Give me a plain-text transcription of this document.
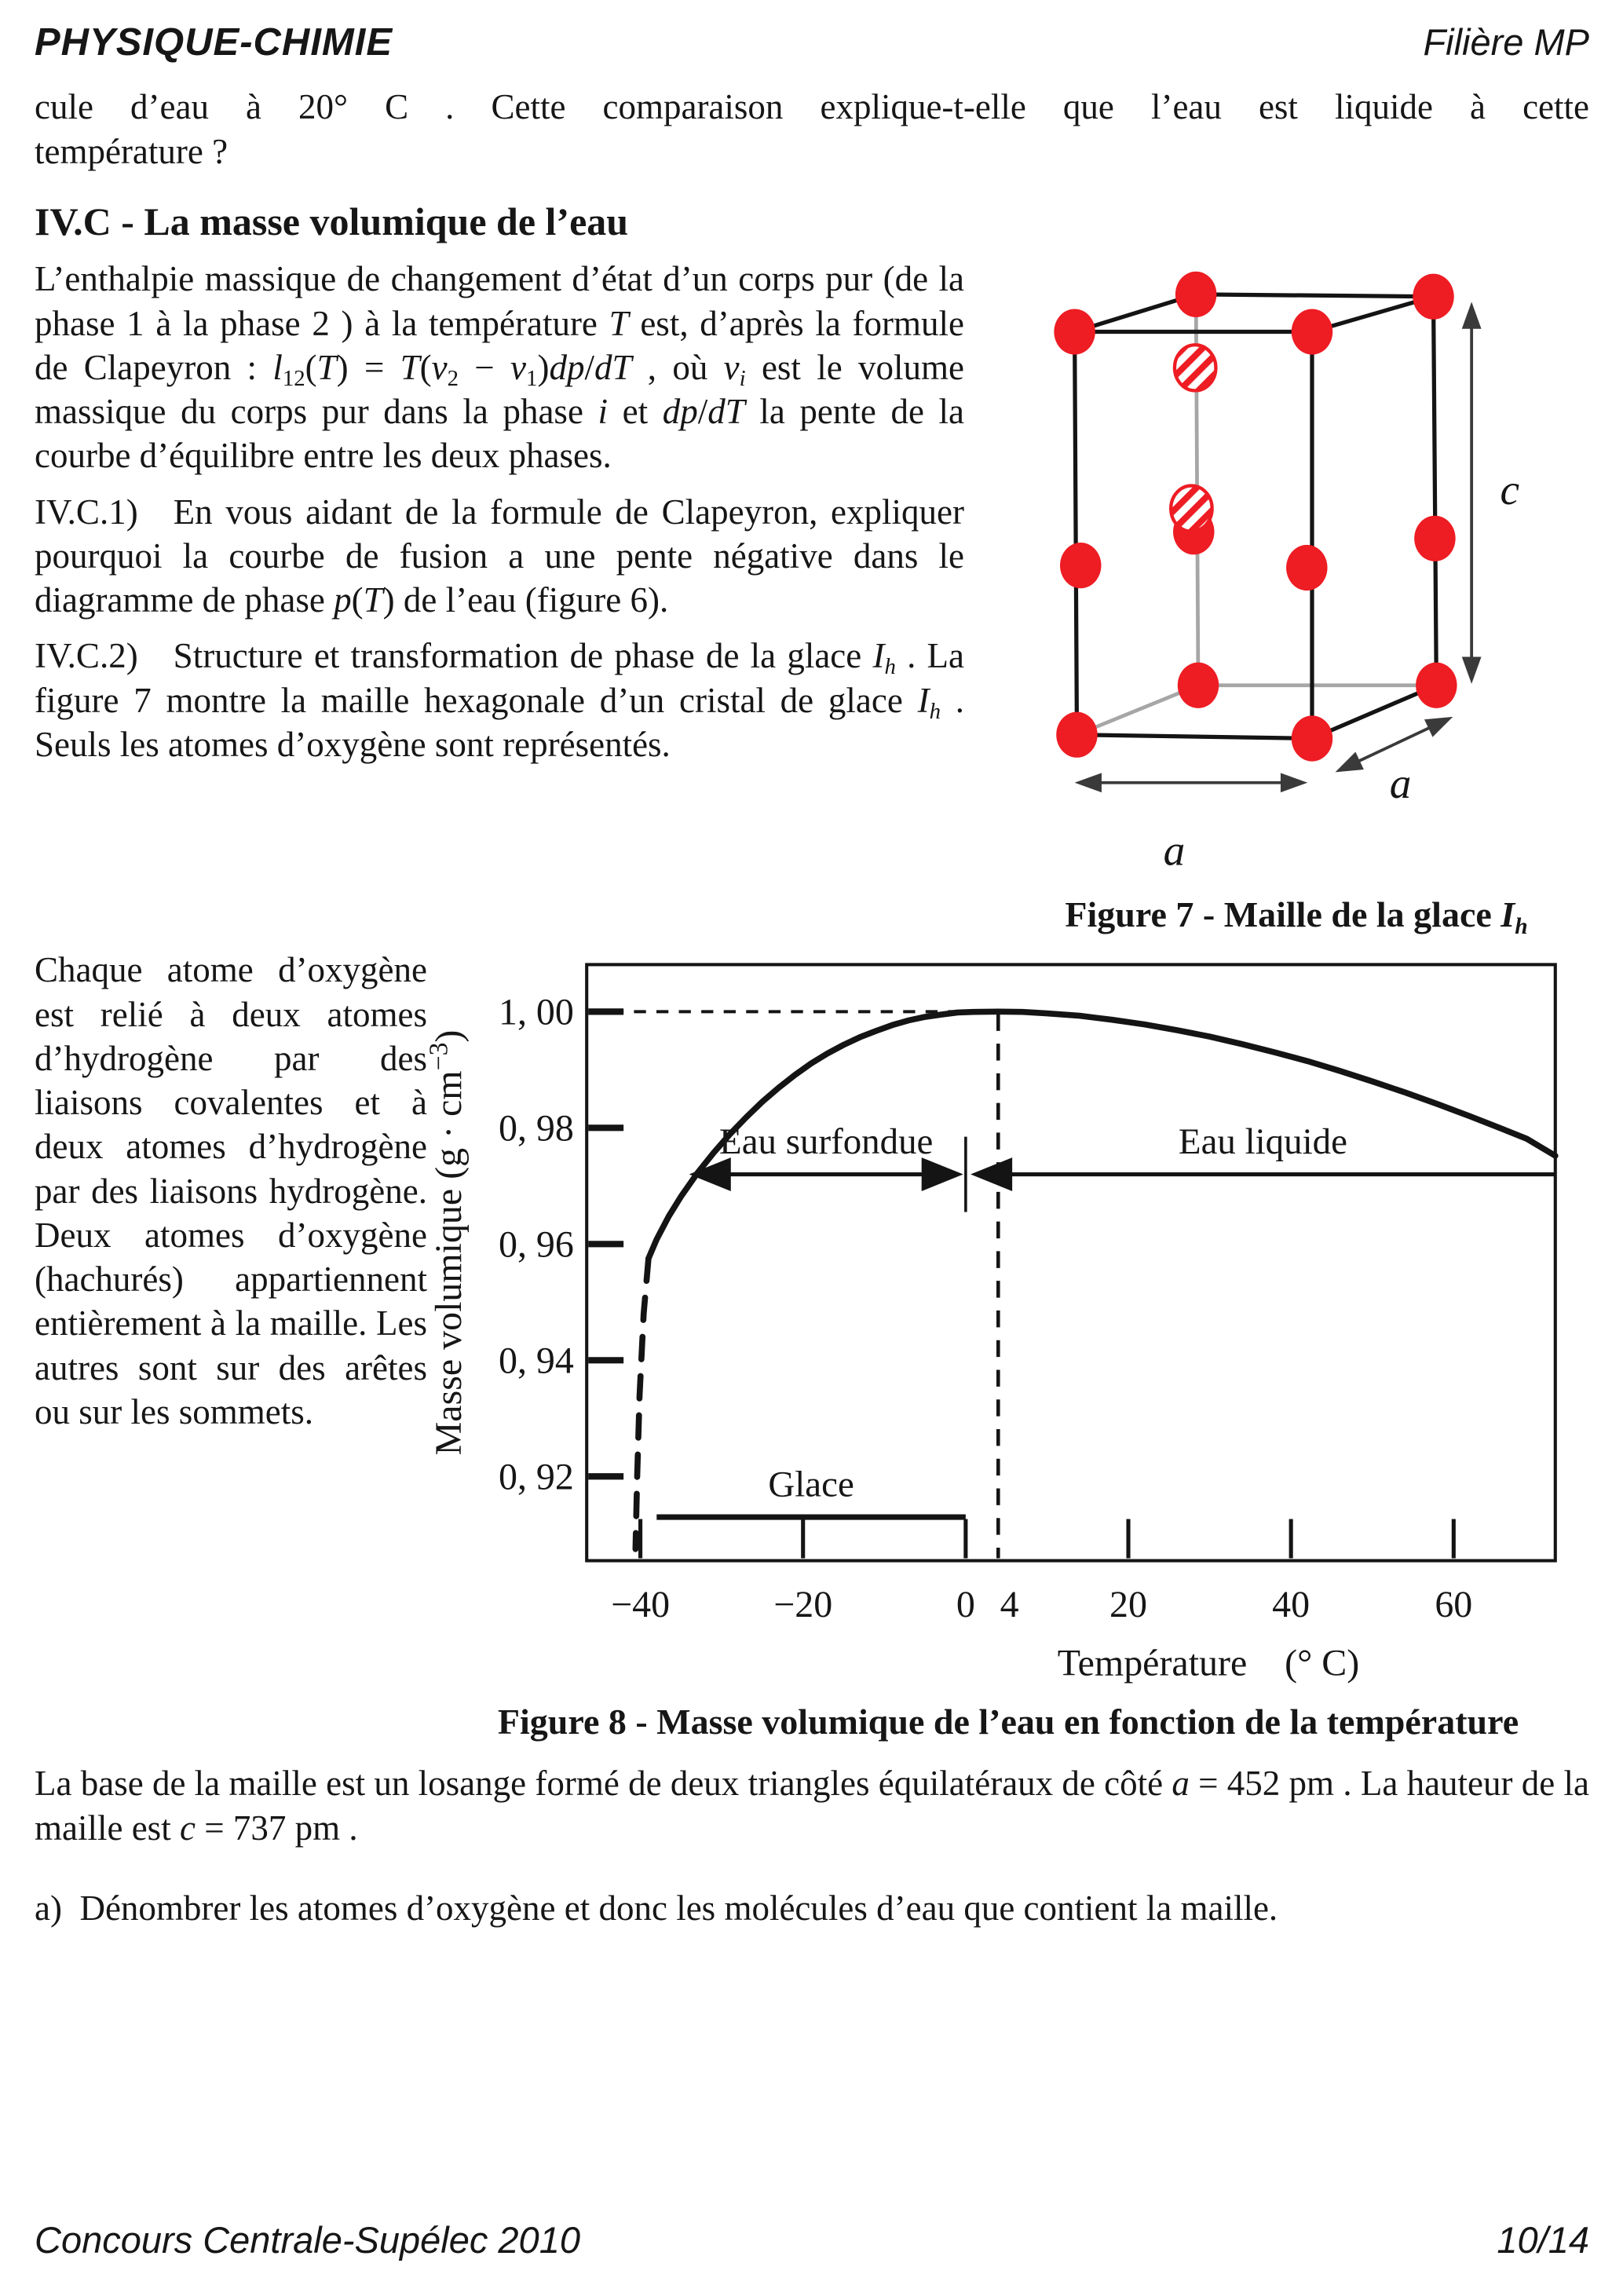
PHYSIQUE-CHIMIE	Filière MP
cule d’eau à 20° C . Cette comparaison explique-t-elle que l’eau est liquide à cette
température ?
IV.C - La masse volumique de l’eau

L’enthalpie massique de changement d’état d’un corps pur (de la phase 1 à la phase 2 ) à la température T est, d’après la formule de Clapeyron : l12(T) = T(v2 − v1)dp/dT , où vi est le volume massique du corps pur dans la phase i et dp/dT la pente de la courbe d’équilibre entre les deux phases.

IV.C.1)  En vous aidant de la formule de Clapeyron, expliquer pourquoi la courbe de fusion a une pente négative dans le diagramme de phase p(T) de l’eau (figure 6).

IV.C.2)  Structure et transformation de phase de la glace Ih . La figure 7 montre la maille hexagonale d’un cristal de glace Ih . Seuls les atomes d’oxygène sont représentés.

c
a
a
Figure 7 - Maille de la glace Ih
Chaque atome d’oxygène est relié à deux atomes d’hydrogène par des liaisons covalentes et à deux atomes d’hydrogène par des liaisons hydrogène. Deux atomes d’oxygène (hachurés) appartiennent entièrement à la maille. Les autres sont sur des arêtes ou sur les sommets.
1, 00
0, 98
0, 96
0, 94
0, 92
−40	−20	0	20	40	60
4
Eau surfondue	Eau liquide
Glace
Température  (° C)
Masse volumique $(g \cdot cm^{-3})$
Figure 8 - Masse volumique de l’eau en fonction de la température

La base de la maille est un losange formé de deux triangles équilatéraux de côté a = 452 pm . La hauteur de la maille est c = 737 pm .

a) Dénombrer les atomes d’oxygène et donc les molécules d’eau que contient la maille.

Concours Centrale-Supélec 2010	10/14
